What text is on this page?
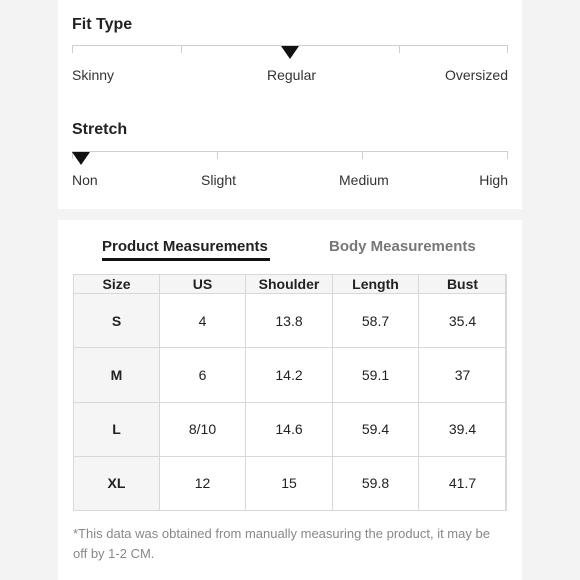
Fit Type
Skinny	Regular	Oversized
Stretch
Non	Slight	Medium	High
Product Measurements	Body Measurements
Size	US	Shoulder	Length	Bust
S	4	13.8	58.7	35.4
M	6	14.2	59.1	37
L	8/10	14.6	59.4	39.4
XL	12	15	59.8	41.7
*This data was obtained from manually measuring the product, it may be off by 1-2 CM.
